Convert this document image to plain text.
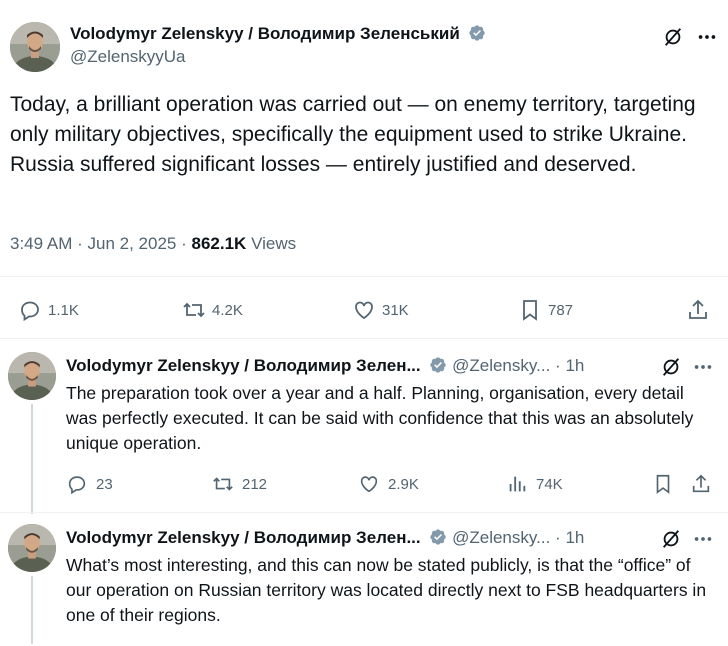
Volodymyr Zelenskyy / Володимир Зеленський
@ZelenskyyUa
Today, a brilliant operation was carried out — on enemy territory, targeting only military objectives, specifically the equipment used to strike Ukraine. Russia suffered significant losses — entirely justified and deserved.
3:49 AM · Jun 2, 2025 · 862.1K Views
1.1K	4.2K	31K	787
Volodymyr Zelenskyy / Володимир Зелен... @Zelensky... · 1h
The preparation took over a year and a half. Planning, organisation, every detail was perfectly executed. It can be said with confidence that this was an absolutely unique operation.
23	212	2.9K	74K
Volodymyr Zelenskyy / Володимир Зелен... @Zelensky... · 1h
What’s most interesting, and this can now be stated publicly, is that the “office” of our operation on Russian territory was located directly next to FSB headquarters in one of their regions.
